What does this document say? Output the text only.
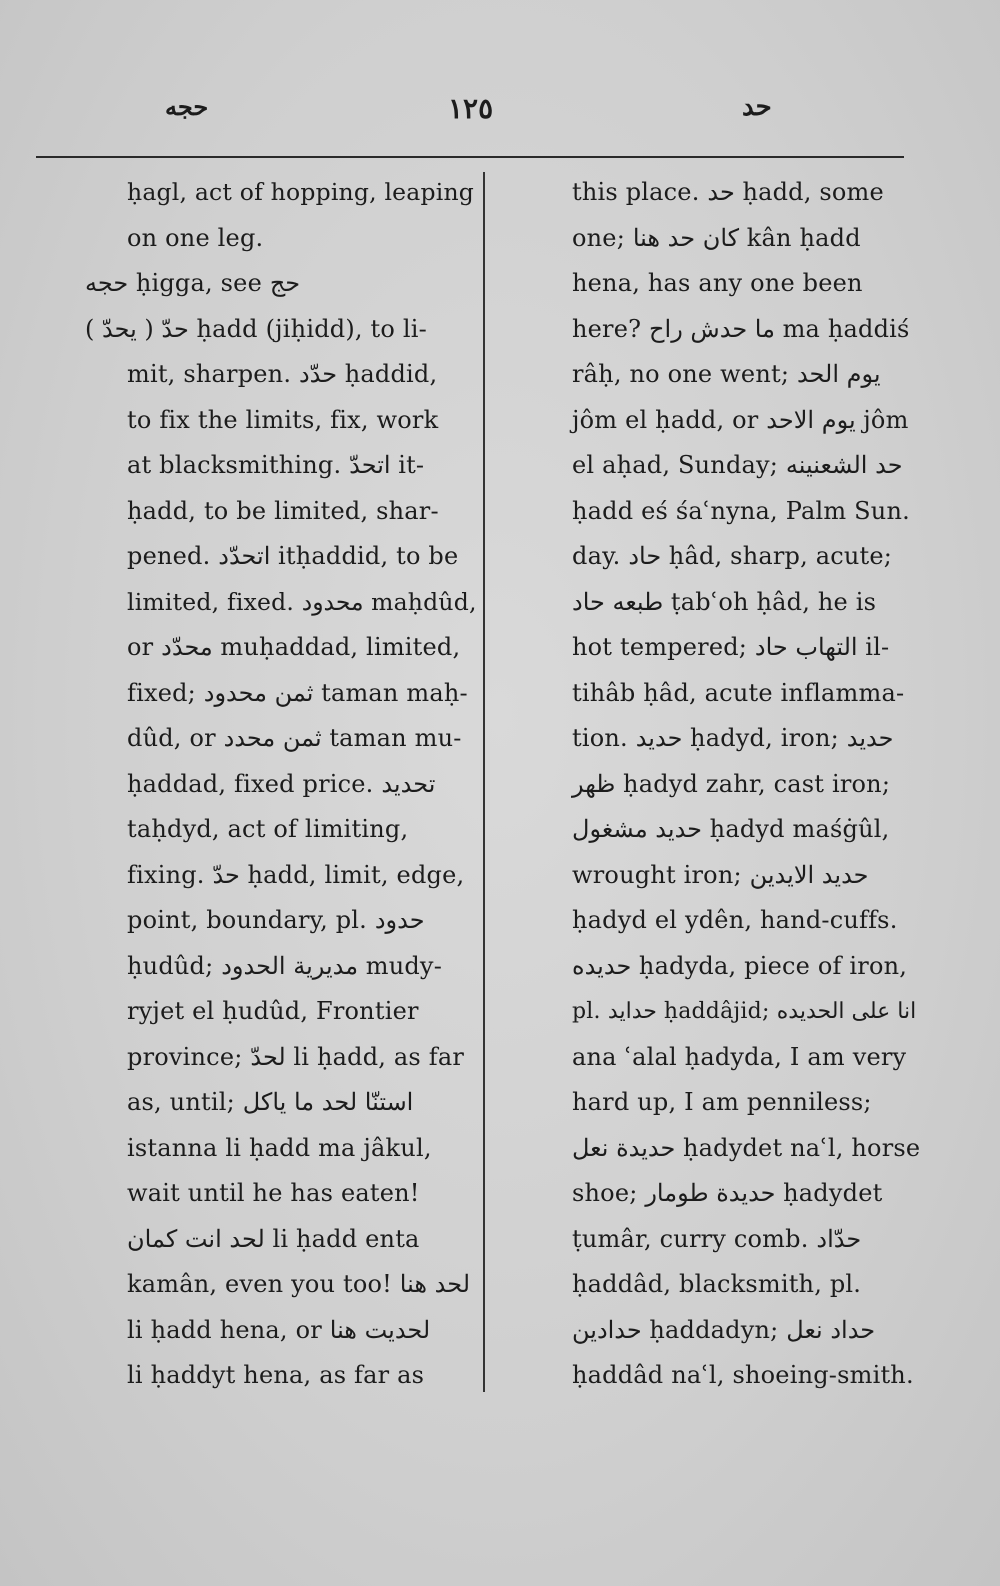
حجه	١٢٥	حد
ḥagl, act of hopping, leaping
on one leg.
حجه ḥigga, see حج
حدّ ( يحدّ ) ḥadd (jiḥidd), to li-
mit, sharpen. حدّد ḥaddid,
to fix the limits, fix, work
at blacksmithing. اتحدّ it-
ḥadd, to be limited, shar-
pened. اتحدّد itḥaddid, to be
limited, fixed. محدود maḥdûd,
or محدّد muḥaddad, limited,
fixed; ثمن محدود taman maḥ-
dûd, or ثمن محدد taman mu-
ḥaddad, fixed price. تحديد
taḥdyd, act of limiting,
fixing. حدّ ḥadd, limit, edge,
point, boundary, pl. حدود
ḥudûd; مديرية الحدود mudy-
ryjet el ḥudûd, Frontier
province; لحدّ li ḥadd, as far
as, until; استنّا لحد ما ياكل
istanna li ḥadd ma jâkul,
wait until he has eaten!
لحد انت كمان li ḥadd enta
kamân, even you too! لحد هنا
li ḥadd hena, or لحديت هنا
li ḥaddyt hena, as far as
this place. حد ḥadd, some
one; كان حد هنا kân ḥadd
hena, has any one been
here? ما حدش راح ma ḥaddiś
râḥ, no one went; يوم الحد
jôm el ḥadd, or يوم الاحد jôm
el aḥad, Sunday; حد الشعنينه
ḥadd eś śaʿnyna, Palm Sun.
day. حاد ḥâd, sharp, acute;
طبعه حاد ṭabʿoh ḥâd, he is
hot tempered; التهاب حاد il-
tihâb ḥâd, acute inflamma-
tion. حديد ḥadyd, iron; حديد
ظهر ḥadyd zahr, cast iron;
حديد مشغول ḥadyd maśġûl,
wrought iron; حديد الايدين
ḥadyd el ydên, hand-cuffs.
حديده ḥadyda, piece of iron,
pl. حدايد ḥaddâjid; انا على الحديده
ana ʿalal ḥadyda, I am very
hard up, I am penniless;
حديدة نعل ḥadydet naʿl, horse
shoe; حديدة طومار ḥadydet
ṭumâr, curry comb. حدّاد
ḥaddâd, blacksmith, pl.
حدادين ḥaddadyn; حداد نعل
ḥaddâd naʿl, shoeing-smith.
